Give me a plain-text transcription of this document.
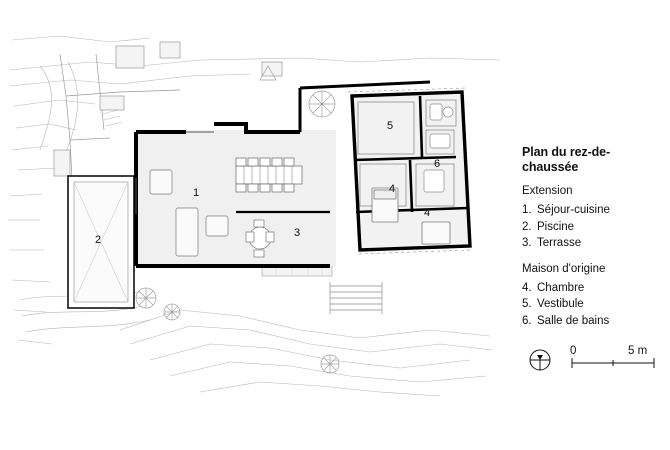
1
2
3
4
4
5
6
Plan du rez-de-chaussée
Extension
1. Séjour-cuisine
2. Piscine
3. Terrasse
Maison d'origine
4. Chambre
5. Vestibule
6. Salle de bains
0	5 m
